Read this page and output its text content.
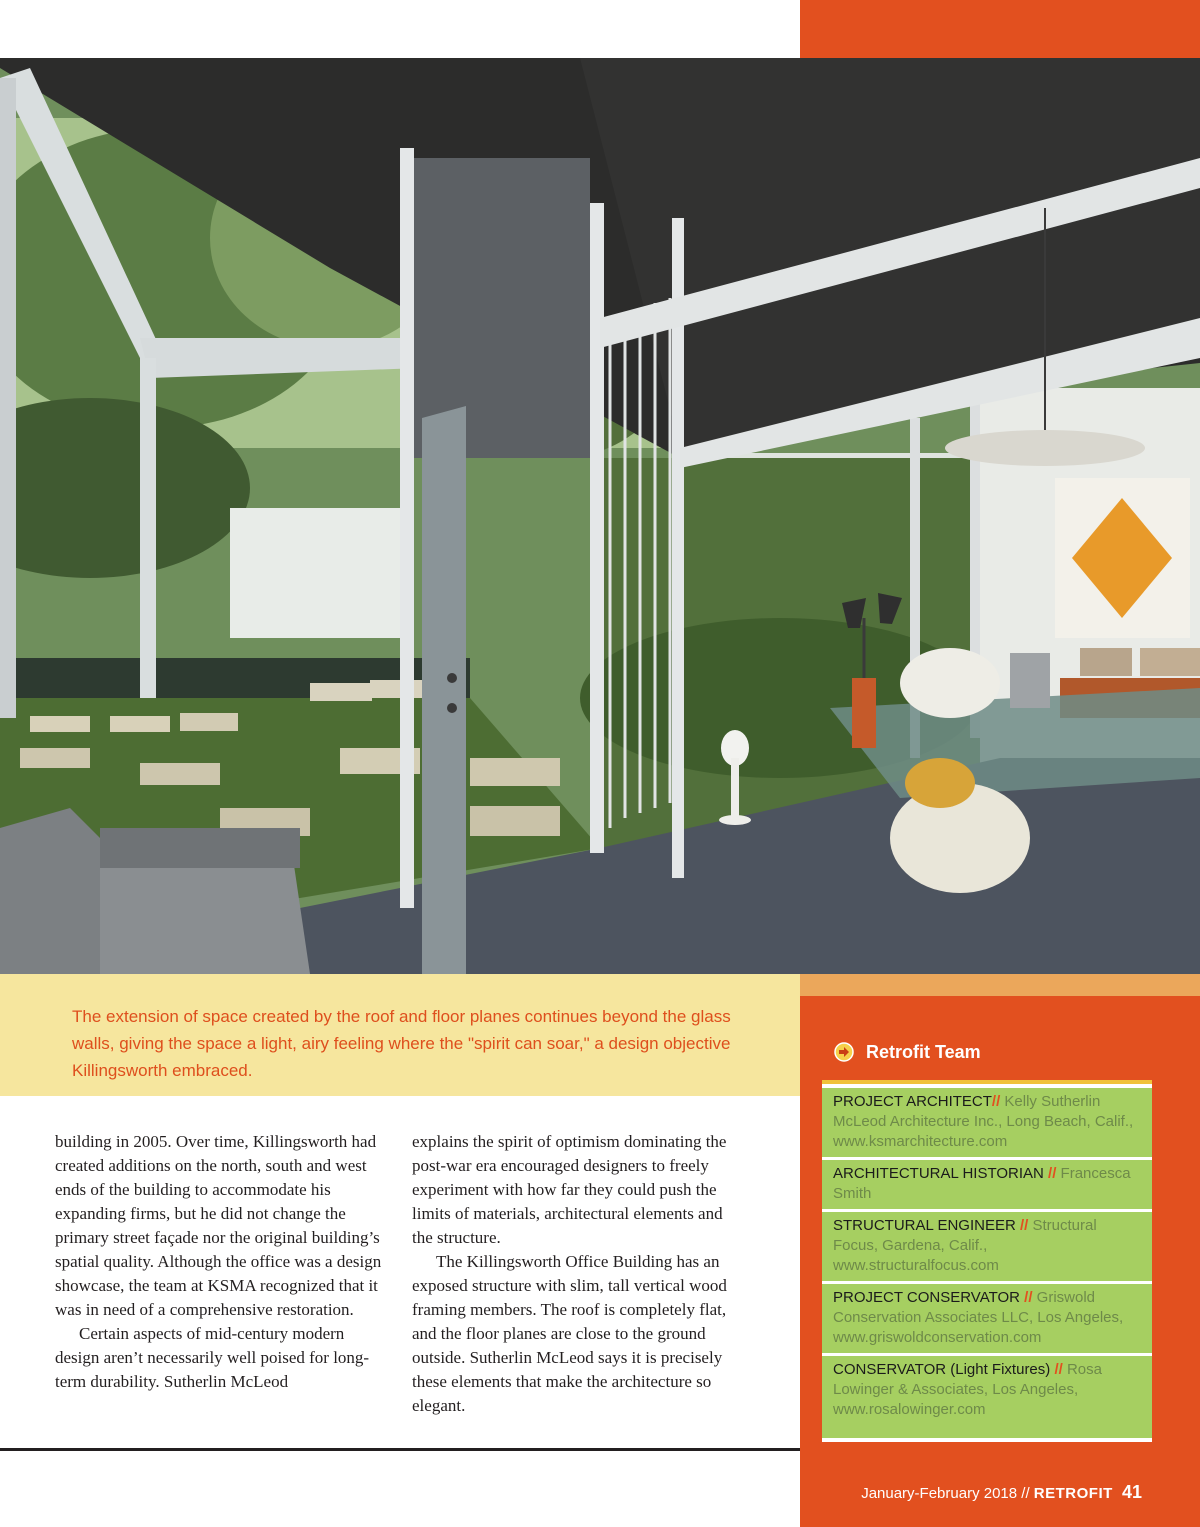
The extension of space created by the roof and floor planes continues beyond the glass walls, giving the space a light, airy feeling where the "spirit can soar," a design objective Killingsworth embraced.

building in 2005. Over time, Killingsworth had created additions on the north, south and west ends of the building to accommodate his expanding firms, but he did not change the primary street façade nor the original building’s spatial quality. Although the office was a design showcase, the team at KSMA recognized that it was in need of a comprehensive restoration.

Certain aspects of mid-century modern design aren’t necessarily well poised for long-term durability. Sutherlin McLeod

explains the spirit of optimism dominating the post-war era encouraged designers to freely experiment with how far they could push the limits of materials, architectural elements and the structure.

The Killingsworth Office Building has an exposed structure with slim, tall vertical wood framing members. The roof is completely flat, and the floor planes are close to the ground outside. Sutherlin McLeod says it is precisely these elements that make the architecture so elegant.

Retrofit Team

PROJECT ARCHITECT// Kelly Sutherlin McLeod Architecture Inc., Long Beach, Calif., www.ksmarchitecture.com

ARCHITECTURAL HISTORIAN // Francesca Smith

STRUCTURAL ENGINEER // Structural Focus, Gardena, Calif., www.structuralfocus.com

PROJECT CONSERVATOR // Griswold Conservation Associates LLC, Los Angeles, www.griswoldconservation.com

CONSERVATOR (Light Fixtures) // Rosa Lowinger & Associates, Los Angeles, www.rosalowinger.com

January-February 2018 // RETROFIT 41
